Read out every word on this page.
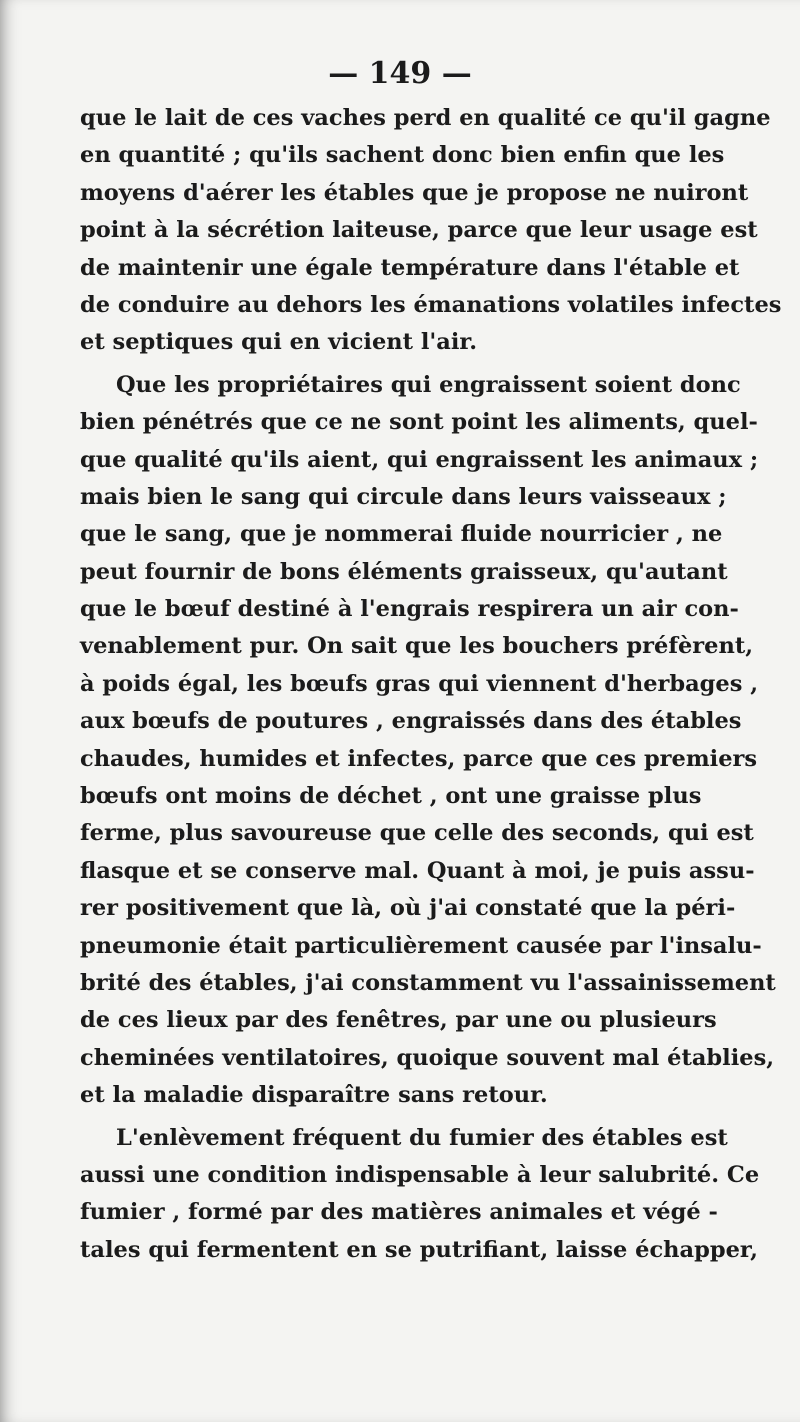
— 149 —
que le lait de ces vaches perd en qualité ce qu'il gagne
en quantité ; qu'ils sachent donc bien enfin que les
moyens d'aérer les étables que je propose ne nuiront
point à la sécrétion laiteuse, parce que leur usage est
de maintenir une égale température dans l'étable et
de conduire au dehors les émanations volatiles infectes
et septiques qui en vicient l'air.
Que les propriétaires qui engraissent soient donc
bien pénétrés que ce ne sont point les aliments, quel-
que qualité qu'ils aient, qui engraissent les animaux ;
mais bien le sang qui circule dans leurs vaisseaux ;
que le sang, que je nommerai fluide nourricier , ne
peut fournir de bons éléments graisseux, qu'autant
que le bœuf destiné à l'engrais respirera un air con-
venablement pur. On sait que les bouchers préfèrent,
à poids égal, les bœufs gras qui viennent d'herbages ,
aux bœufs de poutures , engraissés dans des étables
chaudes, humides et infectes, parce que ces premiers
bœufs ont moins de déchet , ont une graisse plus
ferme, plus savoureuse que celle des seconds, qui est
flasque et se conserve mal. Quant à moi, je puis assu-
rer positivement que là, où j'ai constaté que la péri-
pneumonie était particulièrement causée par l'insalu-
brité des étables, j'ai constamment vu l'assainissement
de ces lieux par des fenêtres, par une ou plusieurs
cheminées ventilatoires, quoique souvent mal établies,
et la maladie disparaître sans retour.
L'enlèvement fréquent du fumier des étables est
aussi une condition indispensable à leur salubrité. Ce
fumier , formé par des matières animales et végé -
tales qui fermentent en se putrifiant, laisse échapper,
